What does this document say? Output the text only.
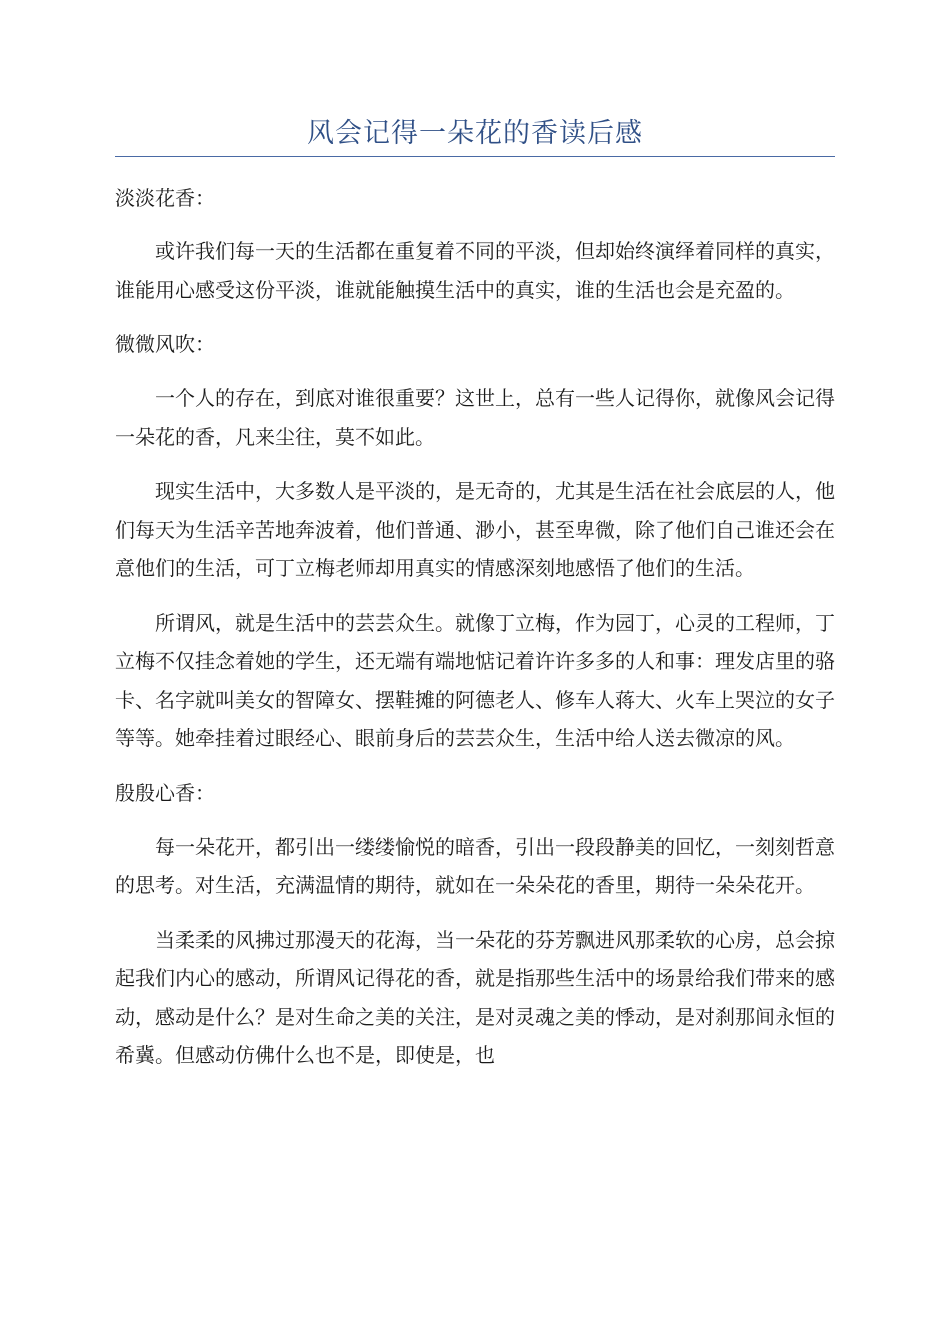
风会记得一朵花的香读后感

淡淡花香：

或许我们每一天的生活都在重复着不同的平淡，但却始终演绎着同样的真实，谁能用心感受这份平淡，谁就能触摸生活中的真实，谁的生活也会是充盈的。

微微风吹：

一个人的存在，到底对谁很重要？这世上，总有一些人记得你，就像风会记得一朵花的香，凡来尘往，莫不如此。

现实生活中，大多数人是平淡的，是无奇的，尤其是生活在社会底层的人，他们每天为生活辛苦地奔波着，他们普通、渺小，甚至卑微，除了他们自己谁还会在意他们的生活，可丁立梅老师却用真实的情感深刻地感悟了他们的生活。

所谓风，就是生活中的芸芸众生。就像丁立梅，作为园丁，心灵的工程师，丁立梅不仅挂念着她的学生，还无端有端地惦记着许许多多的人和事：理发店里的骆卡、名字就叫美女的智障女、摆鞋摊的阿德老人、修车人蒋大、火车上哭泣的女子等等。她牵挂着过眼经心、眼前身后的芸芸众生，生活中给人送去微凉的风。

殷殷心香：

每一朵花开，都引出一缕缕愉悦的暗香，引出一段段静美的回忆，一刻刻哲意的思考。对生活，充满温情的期待，就如在一朵朵花的香里，期待一朵朵花开。

当柔柔的风拂过那漫天的花海，当一朵花的芬芳飘进风那柔软的心房，总会掠起我们内心的感动，所谓风记得花的香，就是指那些生活中的场景给我们带来的感动，感动是什么？是对生命之美的关注，是对灵魂之美的悸动，是对刹那间永恒的希冀。但感动仿佛什么也不是，即使是，也
